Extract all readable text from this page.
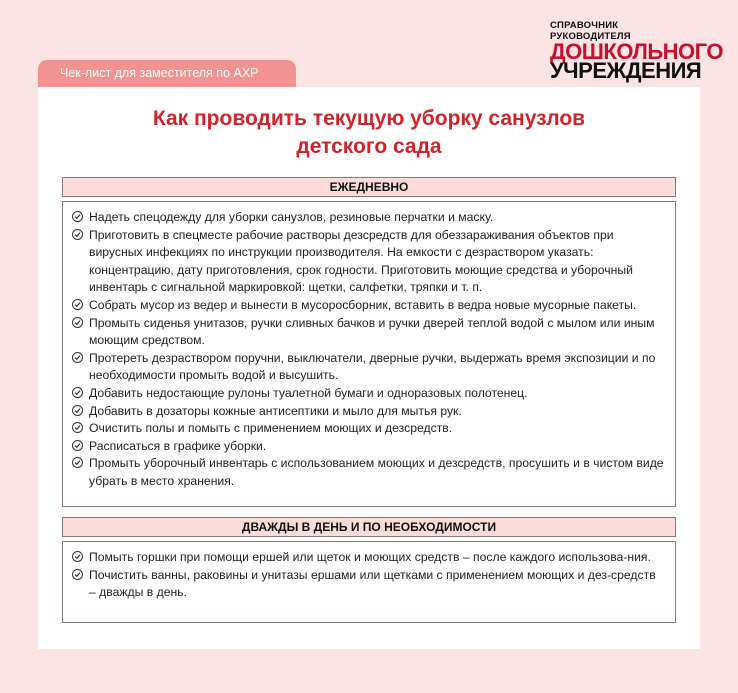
СПРАВОЧНИК РУКОВОДИТЕЛЯ
ДОШКОЛЬНОГО
УЧРЕЖДЕНИЯ
Чек-лист для заместителя по АХР
Как проводить текущую уборку санузлов
детского сада
ЕЖЕДНЕВНО
Надеть спецодежду для уборки санузлов, резиновые перчатки и маску.
Приготовить в спецместе рабочие растворы дезсредств для обеззараживания объектов при вирусных инфекциях по инструкции производителя. На емкости с дезраствором указать: концентрацию, дату приготовления, срок годности. Приготовить моющие средства и уборочный инвентарь с сигнальной маркировкой: щетки, салфетки, тряпки и т. п.
Собрать мусор из ведер и вынести в мусоросборник, вставить в ведра новые мусорные пакеты.
Промыть сиденья унитазов, ручки сливных бачков и ручки дверей теплой водой с мылом или иным моющим средством.
Протереть дезраствором поручни, выключатели, дверные ручки, выдержать время экспозиции и по необходимости промыть водой и высушить.
Добавить недостающие рулоны туалетной бумаги и одноразовых полотенец.
Добавить в дозаторы кожные антисептики и мыло для мытья рук.
Очистить полы и помыть с применением моющих и дезсредств.
Расписаться в графике уборки.
Промыть уборочный инвентарь с использованием моющих и дезсредств, просушить и в чистом виде убрать в место хранения.
ДВАЖДЫ В ДЕНЬ И ПО НЕОБХОДИМОСТИ
Помыть горшки при помощи ершей или щеток и моющих средств – после каждого использова-ния.
Почистить ванны, раковины и унитазы ершами или щетками с применением моющих и дез-средств – дважды в день.
